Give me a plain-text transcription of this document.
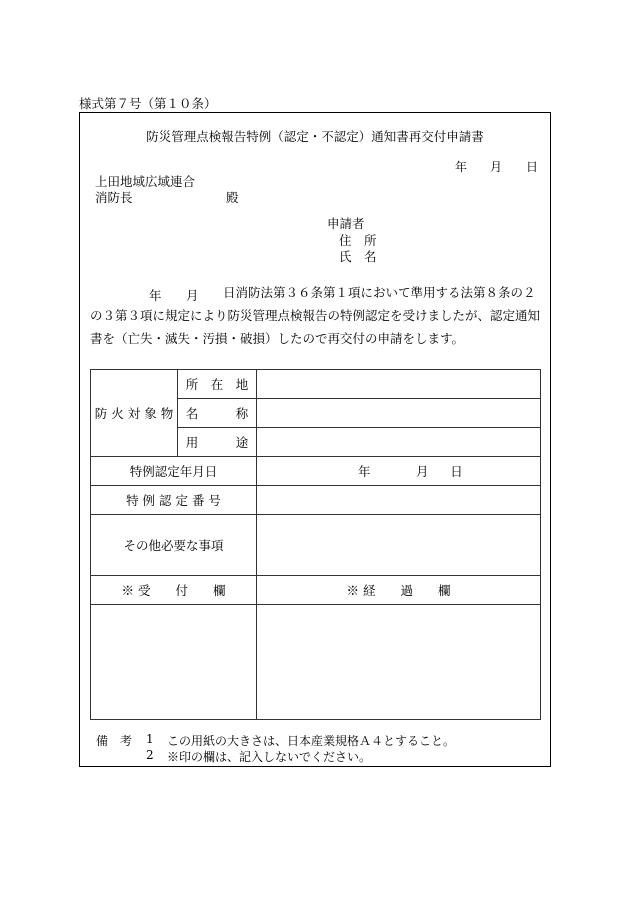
様式第７号（第１０条）
防災管理点検報告特例（認定・不認定）通知書再交付申請書
年 月 日
上田地域広域連合
消防長	殿
申請者
住　所
氏　名
年 月	日消防法第３６条第１項において準用する法第８条の２の３第３項に規定により防災管理点検報告の特例認定を受けましたが、認定通知書を（亡失・滅失・汚損・破損）したので再交付の申請をします。
防 火 対 象 物	所　在　地	
	名　　　称	
	用　　　途	
特例認定年月日		年 月 日
特 例 認 定 番 号		
その他必要な事項		
※ 受　　付　　欄		※ 経　　過　　欄

備　考 1 この用紙の大きさは、日本産業規格Ａ４とすること。
2 ※印の欄は、記入しないでください。
